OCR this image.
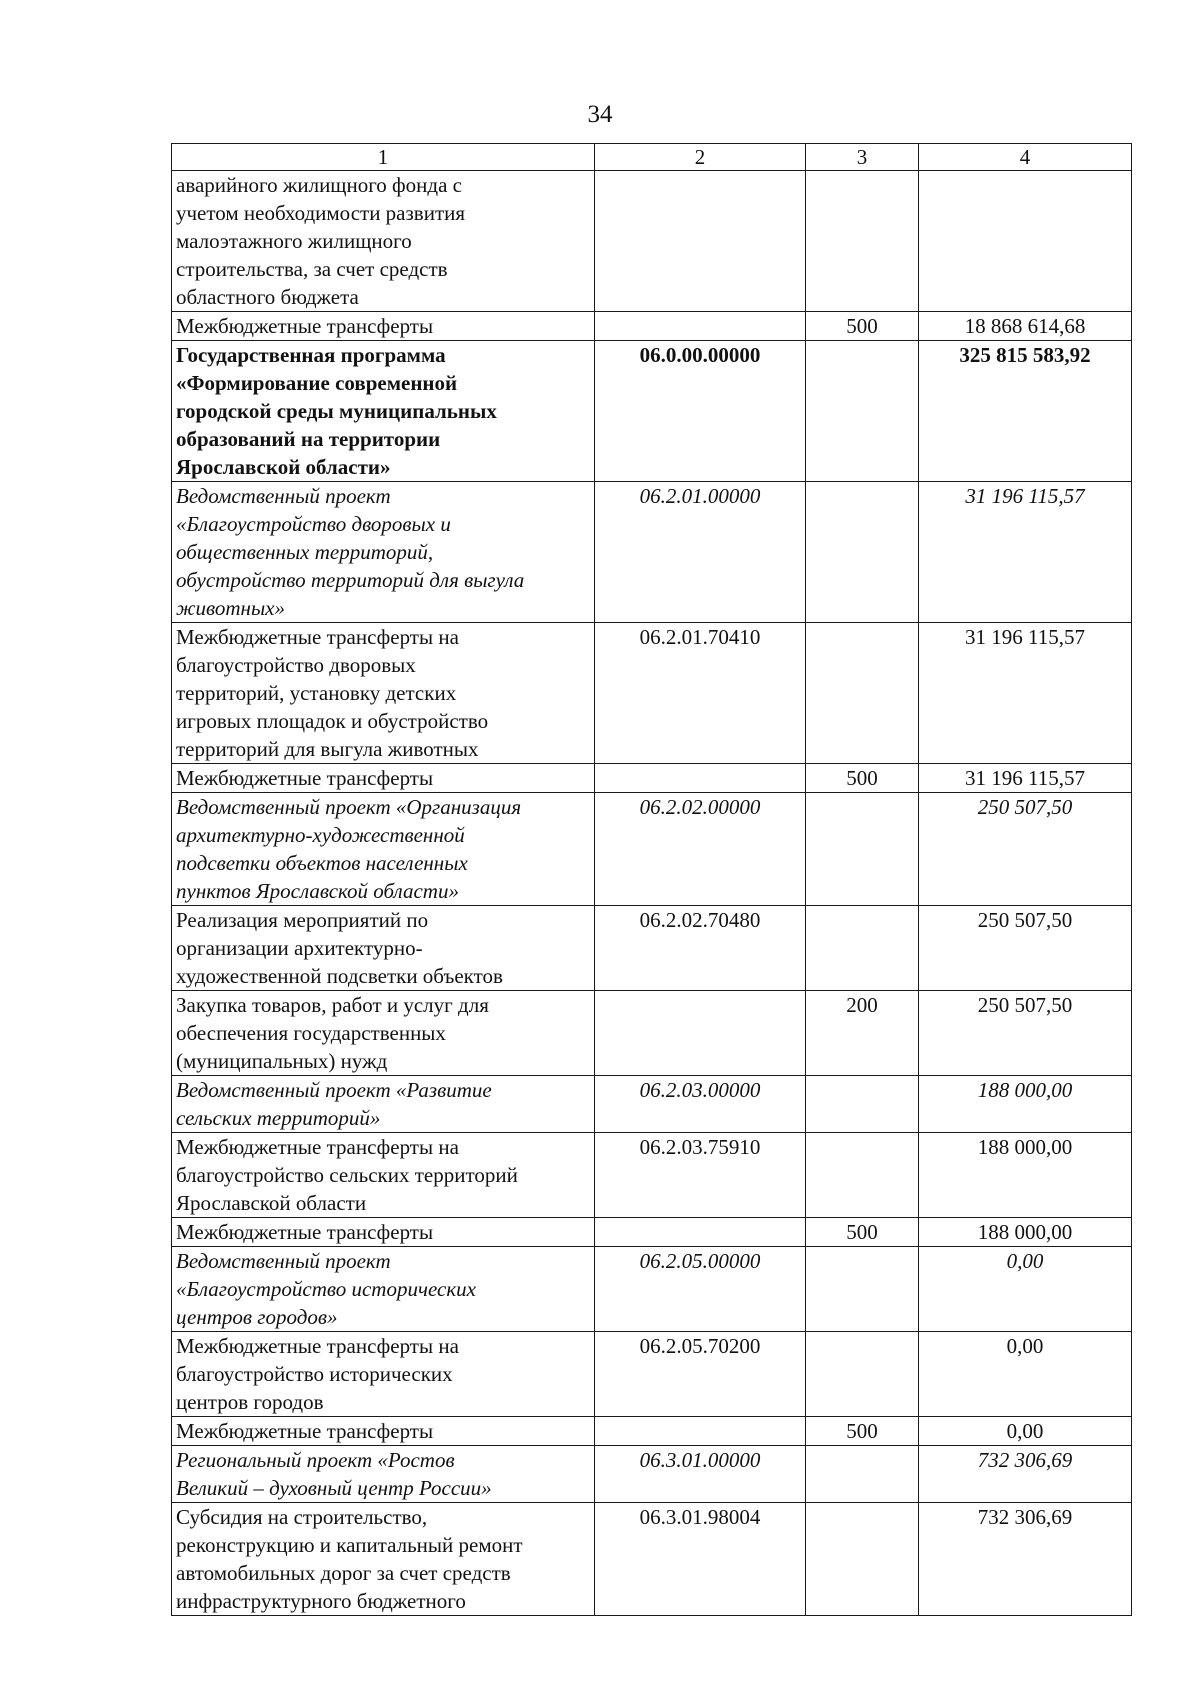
34
1	2	3	4

аварийного жилищного фонда с
учетом необходимости развития
малоэтажного жилищного
строительства, за счет средств
областного бюджета			

Межбюджетные трансферты		500	18 868 614,68

Государственная программа
«Формирование современной
городской среды муниципальных
образований на территории
Ярославской области»	06.0.00.00000		325 815 583,92

Ведомственный проект
«Благоустройство дворовых и
общественных территорий,
обустройство территорий для выгула
животных»	06.2.01.00000		31 196 115,57

Межбюджетные трансферты на
благоустройство дворовых
территорий, установку детских
игровых площадок и обустройство
территорий для выгула животных	06.2.01.70410		31 196 115,57

Межбюджетные трансферты		500	31 196 115,57

Ведомственный проект «Организация
архитектурно-художественной
подсветки объектов населенных
пунктов Ярославской области»	06.2.02.00000		250 507,50

Реализация мероприятий по
организации архитектурно-
художественной подсветки объектов	06.2.02.70480		250 507,50

Закупка товаров, работ и услуг для
обеспечения государственных
(муниципальных) нужд		200	250 507,50

Ведомственный проект «Развитие
сельских территорий»	06.2.03.00000		188 000,00

Межбюджетные трансферты на
благоустройство сельских территорий
Ярославской области	06.2.03.75910		188 000,00

Межбюджетные трансферты		500	188 000,00

Ведомственный проект
«Благоустройство исторических
центров городов»	06.2.05.00000		0,00

Межбюджетные трансферты на
благоустройство исторических
центров городов	06.2.05.70200		0,00

Межбюджетные трансферты		500	0,00

Региональный проект «Ростов
Великий – духовный центр России»	06.3.01.00000		732 306,69

Субсидия на строительство,
реконструкцию и капитальный ремонт
автомобильных дорог за счет средств
инфраструктурного бюджетного	06.3.01.98004		732 306,69
